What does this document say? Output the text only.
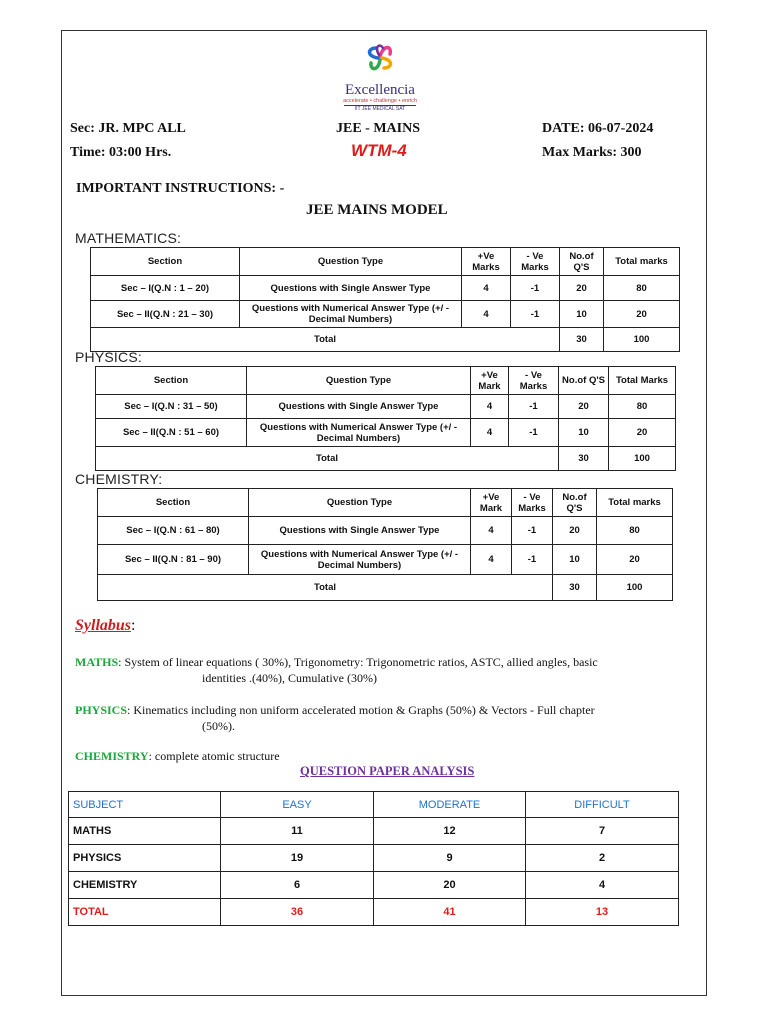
Excellencia
accelerate • challenge • enrich
IIT JEE MEDICAL SAT
Sec: JR. MPC ALL	JEE - MAINS	DATE: 06-07-2024
Time: 03:00 Hrs.	WTM-4	Max Marks: 300
IMPORTANT INSTRUCTIONS: -
JEE MAINS MODEL
MATHEMATICS:
Section	Question Type	+Ve Marks	- Ve Marks	No.of Q'S	Total marks
Sec – I(Q.N : 1 – 20)	Questions with Single Answer Type	4	-1	20	80
Sec – II(Q.N : 21 – 30)	Questions with Numerical Answer Type (+/ - Decimal Numbers)	4	-1	10	20
Total				30	100
PHYSICS:
Section	Question Type	+Ve Mark	- Ve Marks	No.of Q'S	Total Marks
Sec – I(Q.N : 31 – 50)	Questions with Single Answer Type	4	-1	20	80
Sec – II(Q.N : 51 – 60)	Questions with Numerical Answer Type (+/ - Decimal Numbers)	4	-1	10	20
Total				30	100
CHEMISTRY:
Section	Question Type	+Ve Mark	- Ve Marks	No.of Q'S	Total marks
Sec – I(Q.N : 61 – 80)	Questions with Single Answer Type	4	-1	20	80
Sec – II(Q.N : 81 – 90)	Questions with Numerical Answer Type (+/ - Decimal Numbers)	4	-1	10	20
Total				30	100
Syllabus:
MATHS: System of linear equations ( 30%), Trigonometry: Trigonometric ratios, ASTC, allied angles, basic
identities .(40%), Cumulative (30%)
PHYSICS: Kinematics including non uniform accelerated motion & Graphs (50%) & Vectors - Full chapter
(50%).
CHEMISTRY: complete atomic structure
QUESTION PAPER ANALYSIS
SUBJECT	EASY	MODERATE	DIFFICULT
MATHS	11	12	7
PHYSICS	19	9	2
CHEMISTRY	6	20	4
TOTAL	36	41	13
